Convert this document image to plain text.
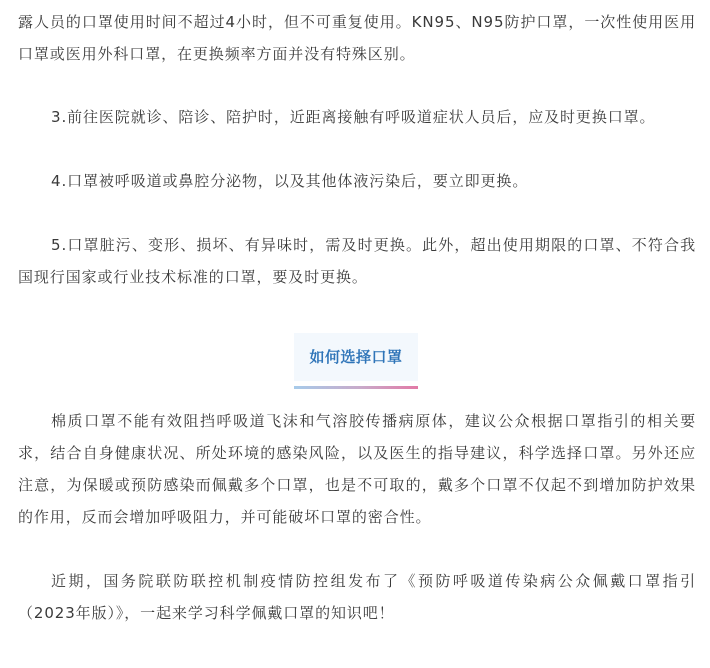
露人员的口罩使用时间不超过4小时，但不可重复使用。KN95、N95防护口罩，一次性使用医用口罩或医用外科口罩，在更换频率方面并没有特殊区别。

3.前往医院就诊、陪诊、陪护时，近距离接触有呼吸道症状人员后，应及时更换口罩。

4.口罩被呼吸道或鼻腔分泌物，以及其他体液污染后，要立即更换。

5.口罩脏污、变形、损坏、有异味时，需及时更换。此外，超出使用期限的口罩、不符合我国现行国家或行业技术标准的口罩，要及时更换。

如何选择口罩

棉质口罩不能有效阻挡呼吸道飞沫和气溶胶传播病原体，建议公众根据口罩指引的相关要求，结合自身健康状况、所处环境的感染风险，以及医生的指导建议，科学选择口罩。另外还应注意，为保暖或预防感染而佩戴多个口罩，也是不可取的，戴多个口罩不仅起不到增加防护效果的作用，反而会增加呼吸阻力，并可能破坏口罩的密合性。

近期，国务院联防联控机制疫情防控组发布了《预防呼吸道传染病公众佩戴口罩指引（2023年版）》，一起来学习科学佩戴口罩的知识吧！
